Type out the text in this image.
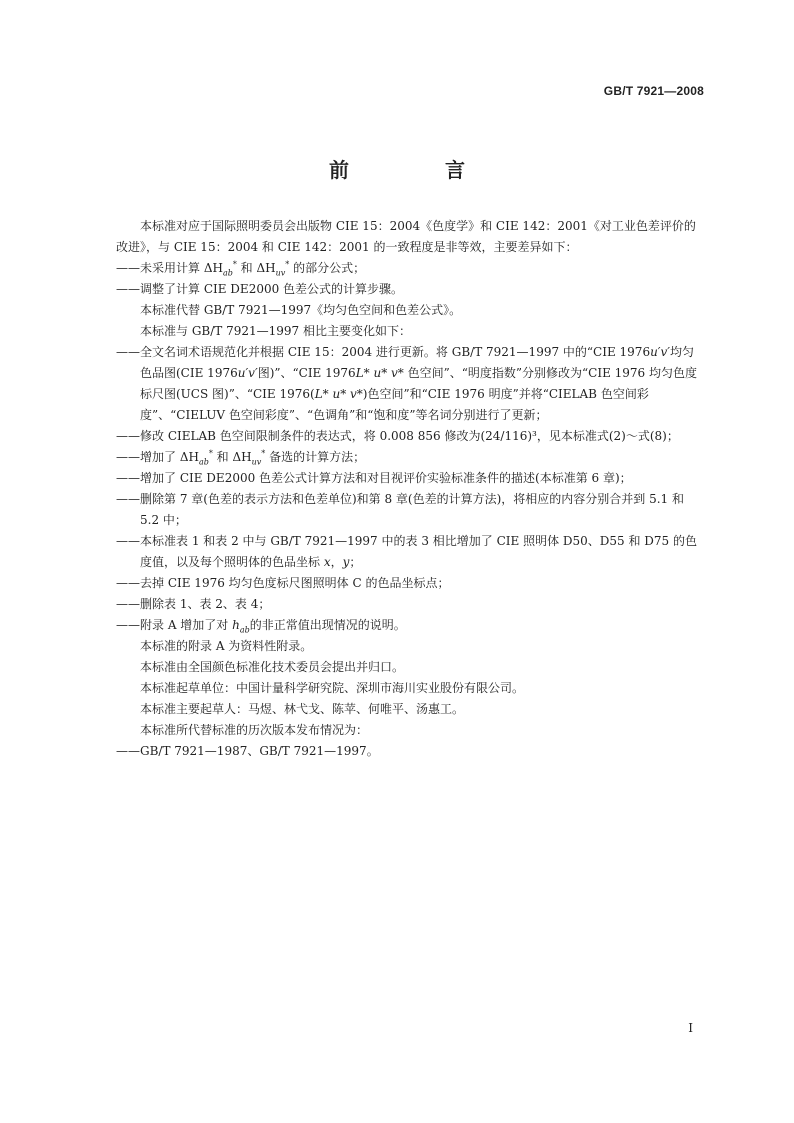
GB/T 7921—2008
前　言

本标准对应于国际照明委员会出版物 CIE 15：2004《色度学》和 CIE 142：2001《对工业色差评价的改进》，与 CIE 15：2004 和 CIE 142：2001 的一致程度是非等效，主要差异如下：

——未采用计算 $\Delta H_{ab}^*$ 和 $\Delta H_{uv}^*$ 的部分公式；

——调整了计算 CIE DE2000 色差公式的计算步骤。

本标准代替 GB/T 7921—1997《均匀色空间和色差公式》。

本标准与 GB/T 7921—1997 相比主要变化如下：

——全文名词术语规范化并根据 CIE 15：2004 进行更新。将 GB/T 7921—1997 中的“CIE 1976u′v′均匀色品图(CIE 1976u′v′图)”、“CIE 1976L* u* v* 色空间”、“明度指数”分别修改为“CIE 1976 均匀色度标尺图(UCS 图)”、“CIE 1976(L* u* v*)色空间”和“CIE 1976 明度”并将“CIELAB 色空间彩度”、“CIELUV 色空间彩度”、“色调角”和“饱和度”等名词分别进行了更新；

——修改 CIELAB 色空间限制条件的表达式，将 0.008 856 修改为(24/116)³，见本标准式(2)～式(8)；

——增加了 $\Delta H_{ab}^*$ 和 $\Delta H_{uv}^*$ 备选的计算方法；

——增加了 CIE DE2000 色差公式计算方法和对目视评价实验标准条件的描述(本标准第 6 章)；

——删除第 7 章(色差的表示方法和色差单位)和第 8 章(色差的计算方法)，将相应的内容分别合并到 5.1 和 5.2 中；

——本标准表 1 和表 2 中与 GB/T 7921—1997 中的表 3 相比增加了 CIE 照明体 D50、D55 和 D75 的色度值，以及每个照明体的色品坐标 x，y；

——去掉 CIE 1976 均匀色度标尺图照明体 C 的色品坐标点；

——删除表 1、表 2、表 4；

——附录 A 增加了对 $h_{ab}$的非正常值出现情况的说明。

本标准的附录 A 为资料性附录。

本标准由全国颜色标准化技术委员会提出并归口。

本标准起草单位：中国计量科学研究院、深圳市海川实业股份有限公司。

本标准主要起草人：马煜、林弋戈、陈苹、何唯平、汤惠工。

本标准所代替标准的历次版本发布情况为：

——GB/T 7921—1987、GB/T 7921—1997。

I
